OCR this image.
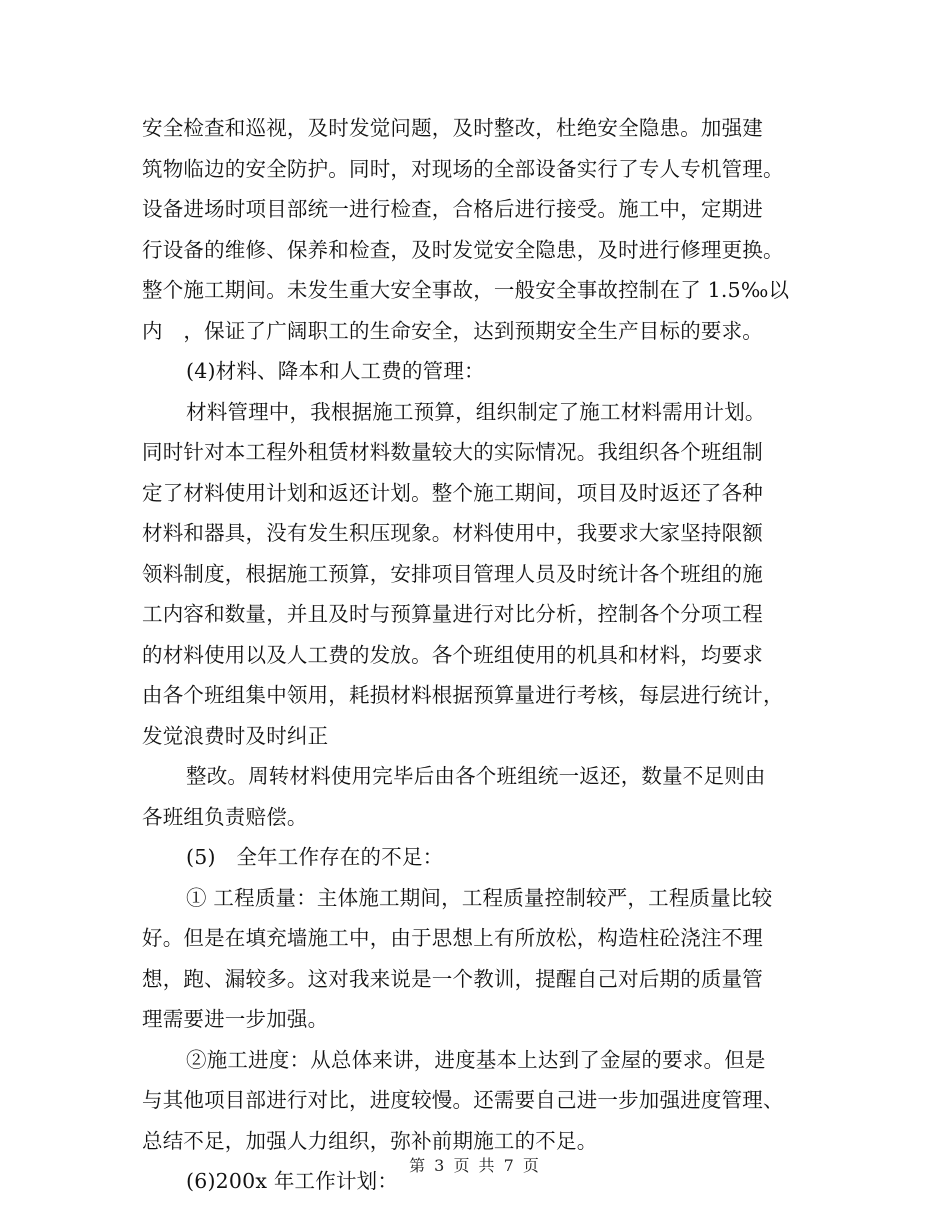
安全检查和巡视，及时发觉问题，及时整改，杜绝安全隐患。加强建
筑物临边的安全防护。同时，对现场的全部设备实行了专人专机管理。
设备进场时项目部统一进行检查，合格后进行接受。施工中，定期进
行设备的维修、保养和检查，及时发觉安全隐患，及时进行修理更换。
整个施工期间。未发生重大安全事故，一般安全事故控制在了 1.5‰以
内　，保证了广阔职工的生命安全，达到预期安全生产目标的要求。
(4)材料、降本和人工费的管理：
材料管理中，我根据施工预算，组织制定了施工材料需用计划。
同时针对本工程外租赁材料数量较大的实际情况。我组织各个班组制
定了材料使用计划和返还计划。整个施工期间，项目及时返还了各种
材料和器具，没有发生积压现象。材料使用中，我要求大家坚持限额
领料制度，根据施工预算，安排项目管理人员及时统计各个班组的施
工内容和数量，并且及时与预算量进行对比分析，控制各个分项工程
的材料使用以及人工费的发放。各个班组使用的机具和材料，均要求
由各个班组集中领用，耗损材料根据预算量进行考核，每层进行统计，
发觉浪费时及时纠正
整改。周转材料使用完毕后由各个班组统一返还，数量不足则由
各班组负责赔偿。
(5)　全年工作存在的不足：
① 工程质量：主体施工期间，工程质量控制较严，工程质量比较
好。但是在填充墙施工中，由于思想上有所放松，构造柱砼浇注不理
想，跑、漏较多。这对我来说是一个教训，提醒自己对后期的质量管
理需要进一步加强。
②施工进度：从总体来讲，进度基本上达到了金屋的要求。但是
与其他项目部进行对比，进度较慢。还需要自己进一步加强进度管理、
总结不足，加强人力组织，弥补前期施工的不足。
(6)200x 年工作计划：
第 3 页 共 7 页
